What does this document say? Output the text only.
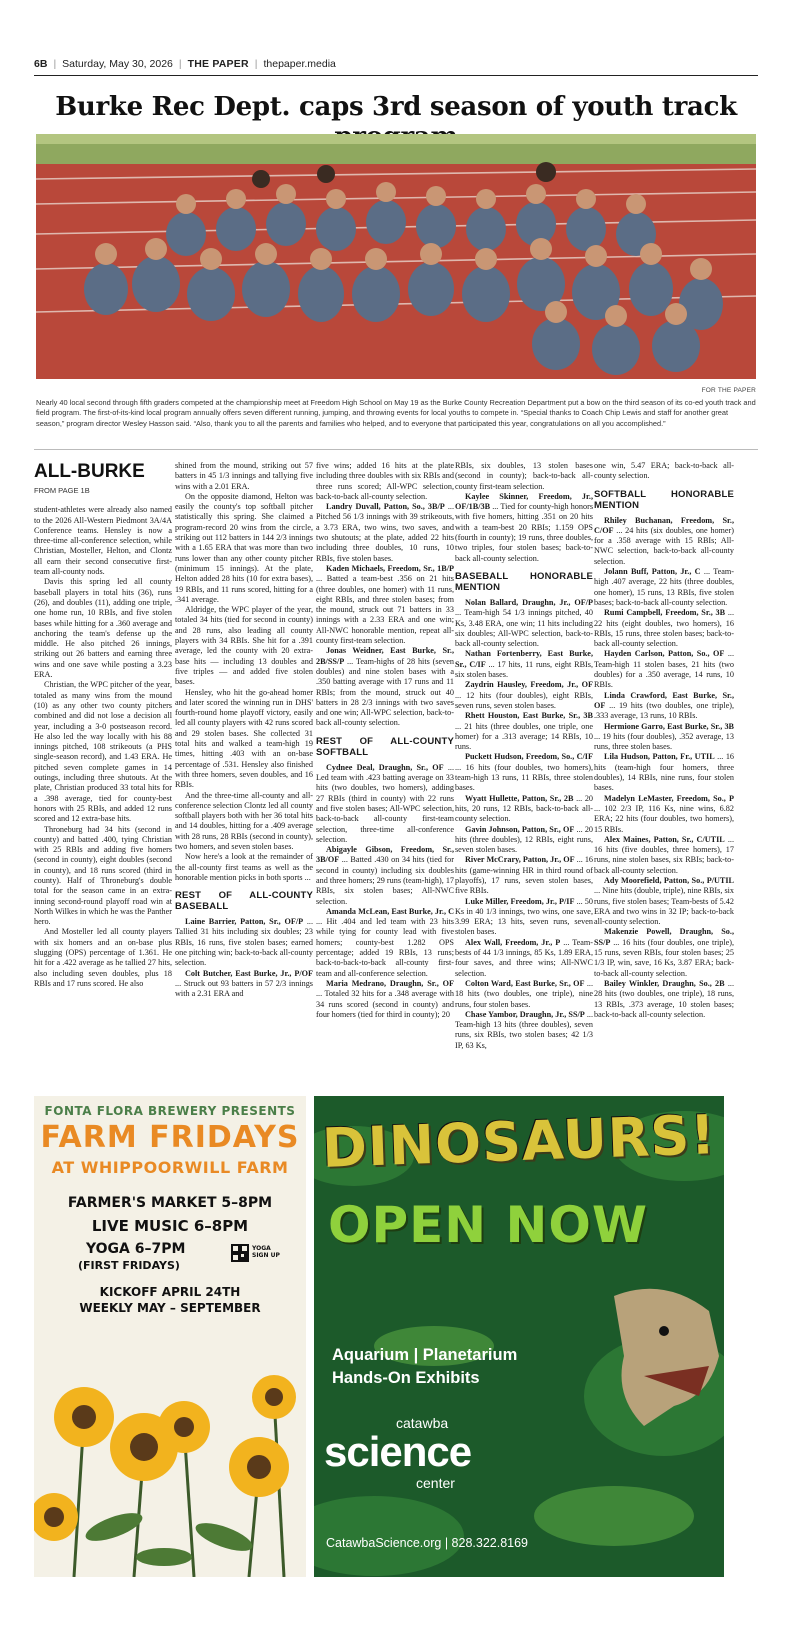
6B | Saturday, May 30, 2026 | THE PAPER | thepaper.media
Burke Rec Dept. caps 3rd season of youth track
FOR THE PAPER

Nearly 40 local second through fifth graders competed at the championship meet at Freedom High School on May 19 as the Burke County Recreation Department put a bow on the third season of its co-ed youth track and field program. The first-of-its-kind local program annually offers seven different running, jumping, and throwing events for local youths to compete in. “Special thanks to Coach Chip Lewis and staff for another great season,” program director Wesley Hasson said. “Also, thank you to all the parents and families who helped, and to everyone that participated this year, congratulations on all you accomplished.”

ALL-BURKE
FROM PAGE 1B

student-athletes were already also named to the 2026 All-Western Piedmont 3A/4A Conference teams. Hensley is now a three-time all-conference selection, while Christian, Mosteller, Helton, and Clontz all earn their second consecutive first-team all-county nods.

Davis this spring led all county baseball players in total hits (36), runs (26), and doubles (11), adding one triple, one home run, 10 RBIs, and five stolen bases while hitting for a .360 average and anchoring the team's defense up the middle. He also pitched 26 innings, striking out 26 batters and earning three wins and one save while posting a 3.23 ERA.

Christian, the WPC pitcher of the year, totaled as many wins from the mound (10) as any other two county pitchers combined and did not lose a decision all year, including a 3-0 postseason record. He also led the way locally with his 88 innings pitched, 108 strikeouts (a PHS single-season record), and 1.43 ERA. He pitched seven complete games in 14 outings, including three shutouts. At the plate, Christian produced 33 total hits for a .398 average, tied for county-best honors with 25 RBIs, and added 12 runs scored and 12 extra-base hits.

Throneburg had 34 hits (second in county) and batted .400, tying Christian with 25 RBIs and adding five homers (second in county), eight doubles (second in county), and 18 runs scored (third in county). Half of Throneburg's double total for the season came in an extra-inning second-round playoff road win at North Wilkes in which he was the Panther hero.

And Mosteller led all county players with six homers and an on-base plus slugging (OPS) percentage of 1.361. He hit for a .422 average as he tallied 27 hits, also including seven doubles, plus 18 RBIs and 17 runs scored. He also

shined from the mound, striking out 57 batters in 45 1/3 innings and tallying five wins with a 2.01 ERA.

On the opposite diamond, Helton was easily the county's top softball pitcher statistically this spring. She claimed a program-record 20 wins from the circle, striking out 112 batters in 144 2/3 innings with a 1.65 ERA that was more than two runs lower than any other county pitcher (minimum 15 innings). At the plate, Helton added 28 hits (10 for extra bases), 19 RBIs, and 11 runs scored, hitting for a .341 average.

Aldridge, the WPC player of the year, totaled 34 hits (tied for second in county) and 28 runs, also leading all county players with 34 RBIs. She hit for a .391 average, led the county with 20 extra-base hits — including 13 doubles and five triples — and added five stolen bases.

Hensley, who hit the go-ahead homer and later scored the winning run in DHS' fourth-round home playoff victory, easily led all county players with 42 runs scored and 29 stolen bases. She collected 31 total hits and walked a team-high 19 times, hitting .403 with an on-base percentage of .531. Hensley also finished with three homers, seven doubles, and 16 RBIs.

And the three-time all-county and all-conference selection Clontz led all county softball players both with her 36 total hits and 14 doubles, hitting for a .409 average with 28 runs, 28 RBIs (second in county), two homers, and seven stolen bases.

Now here's a look at the remainder of the all-county first teams as well as the honorable mention picks in both sports ...

REST OF ALL-COUNTY BASEBALL

Laine Barrier, Patton, Sr., OF/P ... Tallied 31 hits including six doubles; 23 RBIs, 16 runs, five stolen bases; earned one pitching win; back-to-back all-county selection.

Colt Butcher, East Burke, Jr., P/OF ... Struck out 93 batters in 57 2/3 innings with a 2.31 ERA and

five wins; added 16 hits at the plate including three doubles with six RBIs and three runs scored; All-WPC selection, back-to-back all-county selection.

Landry Duvall, Patton, So., 3B/P ... Pitched 56 1/3 innings with 39 strikeouts, a 3.73 ERA, two wins, two saves, and two shutouts; at the plate, added 22 hits including three doubles, 10 runs, 10 RBIs, five stolen bases.

Kaden Michaels, Freedom, Sr., 1B/P ... Batted a team-best .356 on 21 hits (three doubles, one homer) with 11 runs, eight RBIs, and three stolen bases; from the mound, struck out 71 batters in 33 innings with a 2.33 ERA and one win; All-NWC honorable mention, repeat all-county first-team selection.

Jonas Weidner, East Burke, Sr., 2B/SS/P ... Team-highs of 28 hits (seven doubles) and nine stolen bases with a .350 batting average with 17 runs and 11 RBIs; from the mound, struck out 40 batters in 28 2/3 innings with two saves and one win; All-WPC selection, back-to-back all-county selection.

REST OF ALL-COUNTY SOFTBALL

Cydnee Deal, Draughn, Sr., OF ... Led team with .423 batting average on 33 hits (two doubles, two homers), adding 27 RBIs (third in county) with 22 runs and five stolen bases; All-WPC selection, back-to-back all-county first-team selection, three-time all-conference selection.

Abigayle Gibson, Freedom, Sr., 3B/OF ... Batted .430 on 34 hits (tied for second in county) including six doubles and three homers; 29 runs (team-high), 17 RBIs, six stolen bases; All-NWC selection.

Amanda McLean, East Burke, Jr., C ... Hit .404 and led team with 23 hits while tying for county lead with five homers; county-best 1.282 OPS percentage; added 19 RBIs, 13 runs; back-to-back-to-back all-county first-team and all-conference selection.

Maria Medrano, Draughn, Sr., OF ... Totaled 32 hits for a .348 average with 34 runs scored (second in county) and four homers (tied for third in county); 20

RBIs, six doubles, 13 stolen bases (second in county); back-to-back all-county first-team selection.

Kaylee Skinner, Freedom, Jr., OF/1B/3B ... Tied for county-high honors with five homers, hitting .351 on 20 hits with a team-best 20 RBIs; 1.159 OPS (fourth in county); 19 runs, three doubles, two triples, four stolen bases; back-to-back all-county selection.

BASEBALL HONORABLE MENTION

Nolan Ballard, Draughn, Jr., OF/P ... Team-high 54 1/3 innings pitched, 40 Ks, 3.48 ERA, one win; 11 hits including six doubles; All-WPC selection, back-to-back all-county selection.

Nathan Fortenberry, East Burke, Sr., C/IF ... 17 hits, 11 runs, eight RBIs, six stolen bases.

Zaydrin Hausley, Freedom, Jr., OF ... 12 hits (four doubles), eight RBIs, seven runs, seven stolen bases.

Rhett Houston, East Burke, Sr., 3B ... 21 hits (three doubles, one triple, one homer) for a .313 average; 14 RBIs, 10 runs.

Puckett Hudson, Freedom, So., C/IF ... 16 hits (four doubles, two homers), team-high 13 runs, 11 RBIs, three stolen bases.

Wyatt Hullette, Patton, Sr., 2B ... 20 hits, 20 runs, 12 RBIs, back-to-back all-county selection.

Gavin Johnson, Patton, Sr., OF ... 20 hits (three doubles), 12 RBIs, eight runs, seven stolen bases.

River McCrary, Patton, Jr., OF ... 16 hits (game-winning HR in third round of playoffs), 17 runs, seven stolen bases, five RBIs.

Luke Miller, Freedom, Jr., P/IF ... 50 Ks in 40 1/3 innings, two wins, one save, 3.99 ERA; 13 hits, seven runs, seven stolen bases.

Alex Wall, Freedom, Jr., P ... Team-bests of 44 1/3 innings, 85 Ks, 1.89 ERA, four saves, and three wins; All-NWC selection.

Colton Ward, East Burke, Sr., OF ... 18 hits (two doubles, one triple), nine runs, four stolen bases.

Chase Yambor, Draughn, Jr., SS/P ... Team-high 13 hits (three doubles), seven runs, six RBIs, two stolen bases; 42 1/3 IP, 63 Ks,

one win, 5.47 ERA; back-to-back all-county selection.

SOFTBALL HONORABLE MENTION

Rhiley Buchanan, Freedom, Sr., C/OF ... 24 hits (six doubles, one homer) for a .358 average with 15 RBIs; All-NWC selection, back-to-back all-county selection.

Jolann Buff, Patton, Jr., C ... Team-high .407 average, 22 hits (three doubles, one homer), 15 runs, 13 RBIs, five stolen bases; back-to-back all-county selection.

Rumi Campbell, Freedom, Sr., 3B ... 22 hits (eight doubles, two homers), 16 RBIs, 15 runs, three stolen bases; back-to-back all-county selection.

Hayden Carlson, Patton, So., OF ... Team-high 11 stolen bases, 21 hits (two doubles) for a .350 average, 14 runs, 10 RBIs.

Linda Crawford, East Burke, Sr., OF ... 19 hits (two doubles, one triple), .333 average, 13 runs, 10 RBIs.

Hermione Garro, East Burke, Sr., 3B ... 19 hits (four doubles), .352 average, 13 runs, three stolen bases.

Lila Hudson, Patton, Fr., UTIL ... 16 hits (team-high four homers, three doubles), 14 RBIs, nine runs, four stolen bases.

Madelyn LeMaster, Freedom, So., P ... 102 2/3 IP, 116 Ks, nine wins, 6.82 ERA; 22 hits (four doubles, two homers), 15 RBIs.

Alex Maines, Patton, Sr., C/UTIL ... 16 hits (five doubles, three homers), 17 runs, nine stolen bases, six RBIs; back-to-back all-county selection.

Ady Moorefield, Patton, So., P/UTIL ... Nine hits (double, triple), nine RBIs, six runs, five stolen bases; Team-bests of 5.42 ERA and two wins in 32 IP; back-to-back all-county selection.

Makenzie Powell, Draughn, So., SS/P ... 16 hits (four doubles, one triple), 15 runs, seven RBIs, four stolen bases; 25 1/3 IP, win, save, 16 Ks, 3.87 ERA; back-to-back all-county selection.

Bailey Winkler, Draughn, So., 2B ... 28 hits (two doubles, one triple), 18 runs, 13 RBIs, .373 average, 10 stolen bases; back-to-back all-county selection.

FONTA FLORA BREWERY PRESENTS
FARM FRIDAYS
AT WHIPPOORWILL FARM
FARMER'S MARKET 5–8PM
LIVE MUSIC 6–8PM
YOGA 6–7PM
(FIRST FRIDAYS)
YOGA SIGN UP
KICKOFF APRIL 24TH
WEEKLY MAY – SEPTEMBER
DINOSAURS!
OPEN NOW
Aquarium | Planetarium
Hands-On Exhibits
catawba
science
center
CatawbaScience.org | 828.322.8169
